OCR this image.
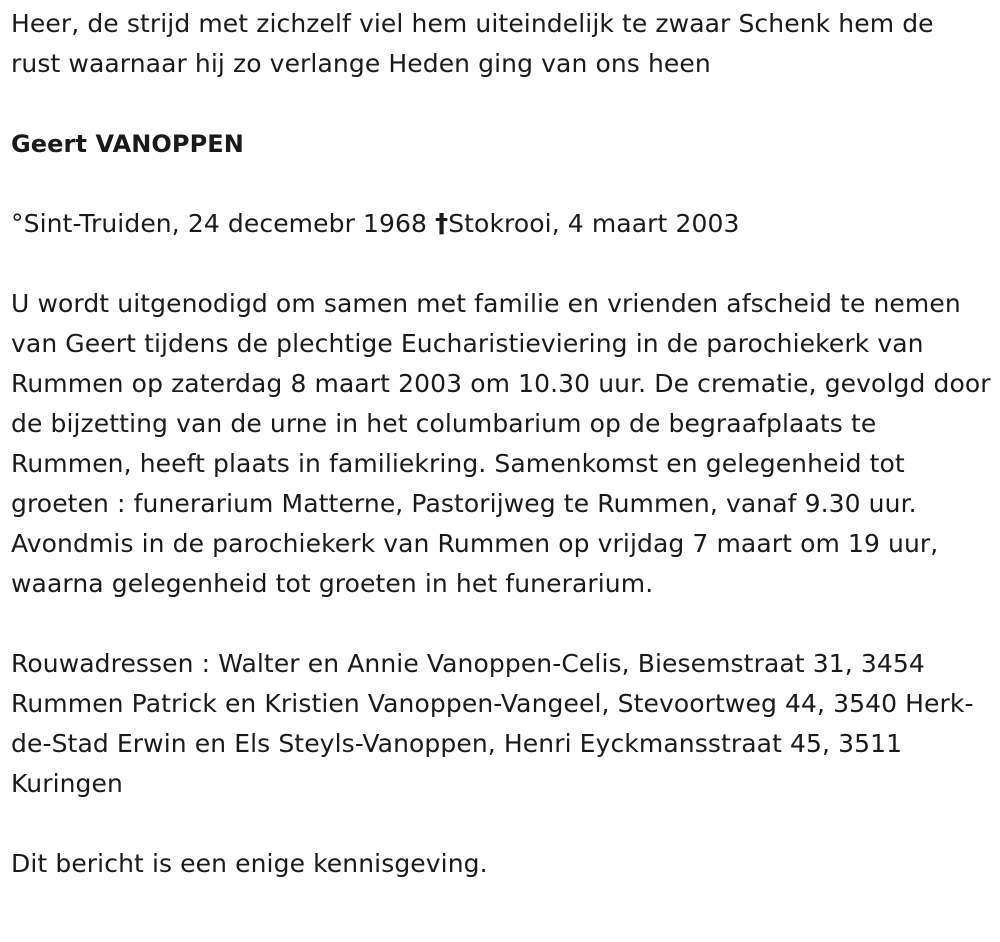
Heer, de strijd met zichzelf viel hem uiteindelijk te zwaar Schenk hem de rust waarnaar hij zo verlange Heden ging van ons heen

Geert VANOPPEN

°Sint-Truiden, 24 decemebr 1968 †Stokrooi, 4 maart 2003

U wordt uitgenodigd om samen met familie en vrienden afscheid te nemen van Geert tijdens de plechtige Eucharistieviering in de parochiekerk van Rummen op zaterdag 8 maart 2003 om 10.30 uur. De crematie, gevolgd door de bijzetting van de urne in het columbarium op de begraafplaats te Rummen, heeft plaats in familiekring. Samenkomst en gelegenheid tot groeten : funerarium Matterne, Pastorijweg te Rummen, vanaf 9.30 uur. Avondmis in de parochiekerk van Rummen op vrijdag 7 maart om 19 uur, waarna gelegenheid tot groeten in het funerarium.

Rouwadressen : Walter en Annie Vanoppen-Celis, Biesemstraat 31, 3454 Rummen Patrick en Kristien Vanoppen-Vangeel, Stevoortweg 44, 3540 Herk-de-Stad Erwin en Els Steyls-Vanoppen, Henri Eyckmansstraat 45, 3511 Kuringen

Dit bericht is een enige kennisgeving.
